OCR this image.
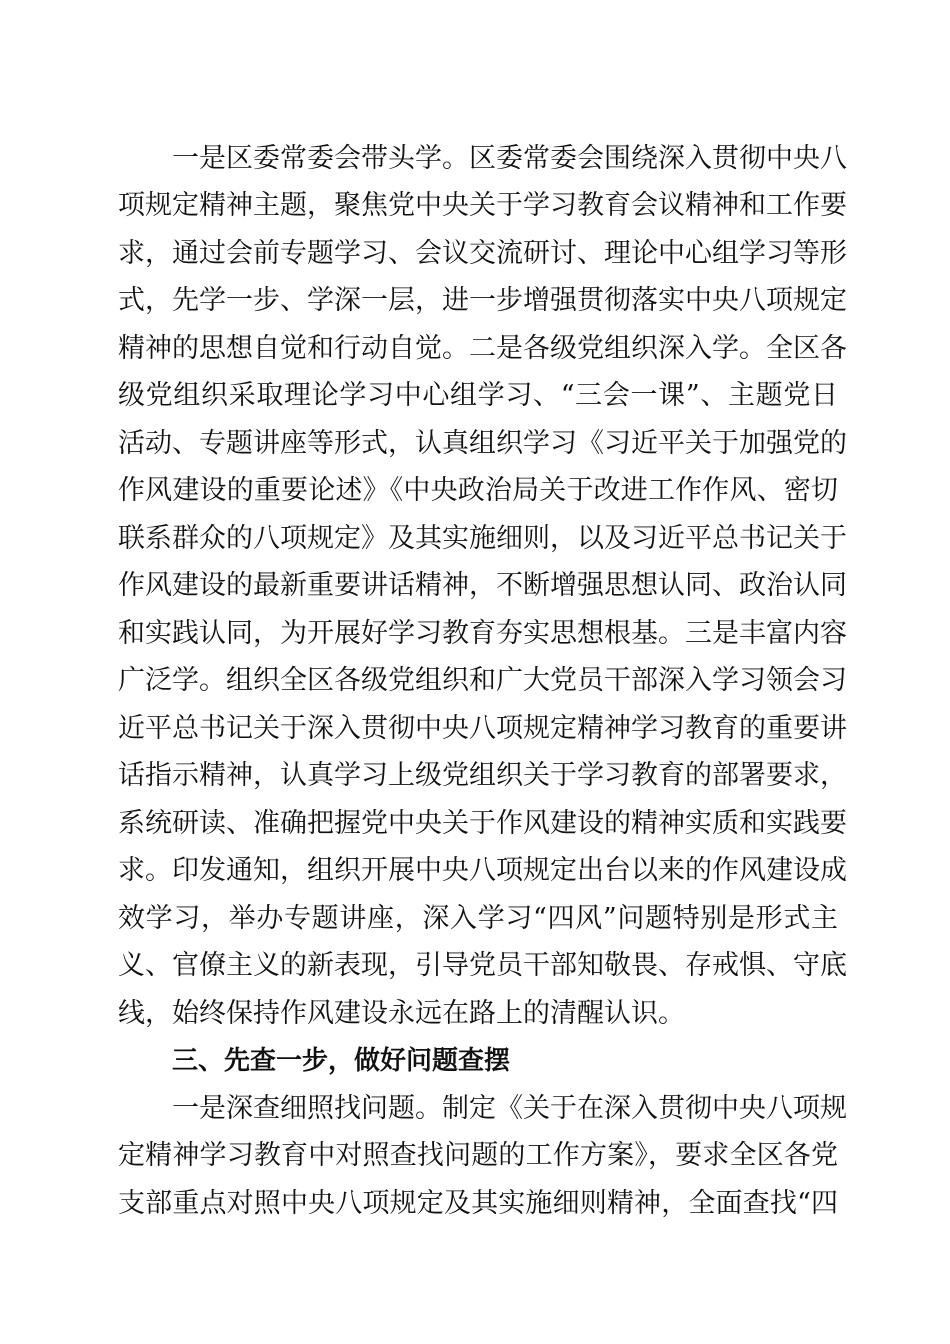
一是区委常委会带头学。区委常委会围绕深入贯彻中央八
项规定精神主题，聚焦党中央关于学习教育会议精神和工作要
求，通过会前专题学习、会议交流研讨、理论中心组学习等形
式，先学一步、学深一层，进一步增强贯彻落实中央八项规定
精神的思想自觉和行动自觉。二是各级党组织深入学。全区各
级党组织采取理论学习中心组学习、“三会一课”、主题党日
活动、专题讲座等形式，认真组织学习《习近平关于加强党的
作风建设的重要论述》《中央政治局关于改进工作作风、密切
联系群众的八项规定》及其实施细则，以及习近平总书记关于
作风建设的最新重要讲话精神，不断增强思想认同、政治认同
和实践认同，为开展好学习教育夯实思想根基。三是丰富内容
广泛学。组织全区各级党组织和广大党员干部深入学习领会习
近平总书记关于深入贯彻中央八项规定精神学习教育的重要讲
话指示精神，认真学习上级党组织关于学习教育的部署要求，
系统研读、准确把握党中央关于作风建设的精神实质和实践要
求。印发通知，组织开展中央八项规定出台以来的作风建设成
效学习，举办专题讲座，深入学习“四风”问题特别是形式主
义、官僚主义的新表现，引导党员干部知敬畏、存戒惧、守底
线，始终保持作风建设永远在路上的清醒认识。
三、先查一步，做好问题查摆
一是深查细照找问题。制定《关于在深入贯彻中央八项规
定精神学习教育中对照查找问题的工作方案》，要求全区各党
支部重点对照中央八项规定及其实施细则精神，全面查找“四
